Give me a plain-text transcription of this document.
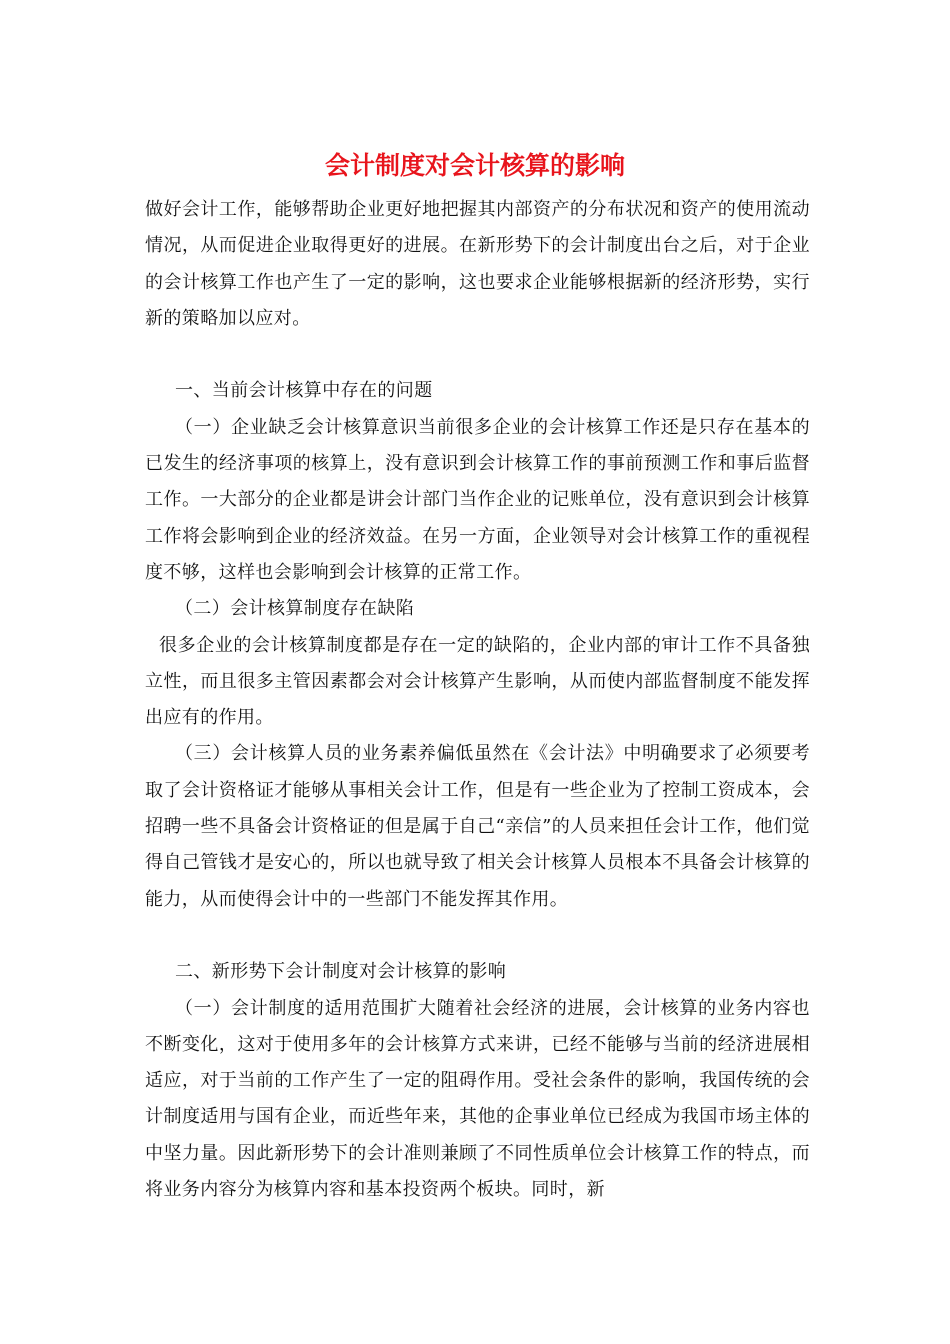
会计制度对会计核算的影响

做好会计工作，能够帮助企业更好地把握其内部资产的分布状况和资产的使用流动情况，从而促进企业取得更好的进展。在新形势下的会计制度出台之后，对于企业的会计核算工作也产生了一定的影响，这也要求企业能够根据新的经济形势，实行新的策略加以应对。

一、当前会计核算中存在的问题

（一）企业缺乏会计核算意识当前很多企业的会计核算工作还是只存在基本的已发生的经济事项的核算上，没有意识到会计核算工作的事前预测工作和事后监督工作。一大部分的企业都是讲会计部门当作企业的记账单位，没有意识到会计核算工作将会影响到企业的经济效益。在另一方面，企业领导对会计核算工作的重视程度不够，这样也会影响到会计核算的正常工作。

（二）会计核算制度存在缺陷

很多企业的会计核算制度都是存在一定的缺陷的，企业内部的审计工作不具备独立性，而且很多主管因素都会对会计核算产生影响，从而使内部监督制度不能发挥出应有的作用。

（三）会计核算人员的业务素养偏低虽然在《会计法》中明确要求了必须要考取了会计资格证才能够从事相关会计工作，但是有一些企业为了控制工资成本，会招聘一些不具备会计资格证的但是属于自己“亲信”的人员来担任会计工作，他们觉得自己管钱才是安心的，所以也就导致了相关会计核算人员根本不具备会计核算的能力，从而使得会计中的一些部门不能发挥其作用。

二、新形势下会计制度对会计核算的影响

（一）会计制度的适用范围扩大随着社会经济的进展，会计核算的业务内容也不断变化，这对于使用多年的会计核算方式来讲，已经不能够与当前的经济进展相适应，对于当前的工作产生了一定的阻碍作用。受社会条件的影响，我国传统的会计制度适用与国有企业，而近些年来，其他的企事业单位已经成为我国市场主体的中坚力量。因此新形势下的会计准则兼顾了不同性质单位会计核算工作的特点，而将业务内容分为核算内容和基本投资两个板块。同时，新
